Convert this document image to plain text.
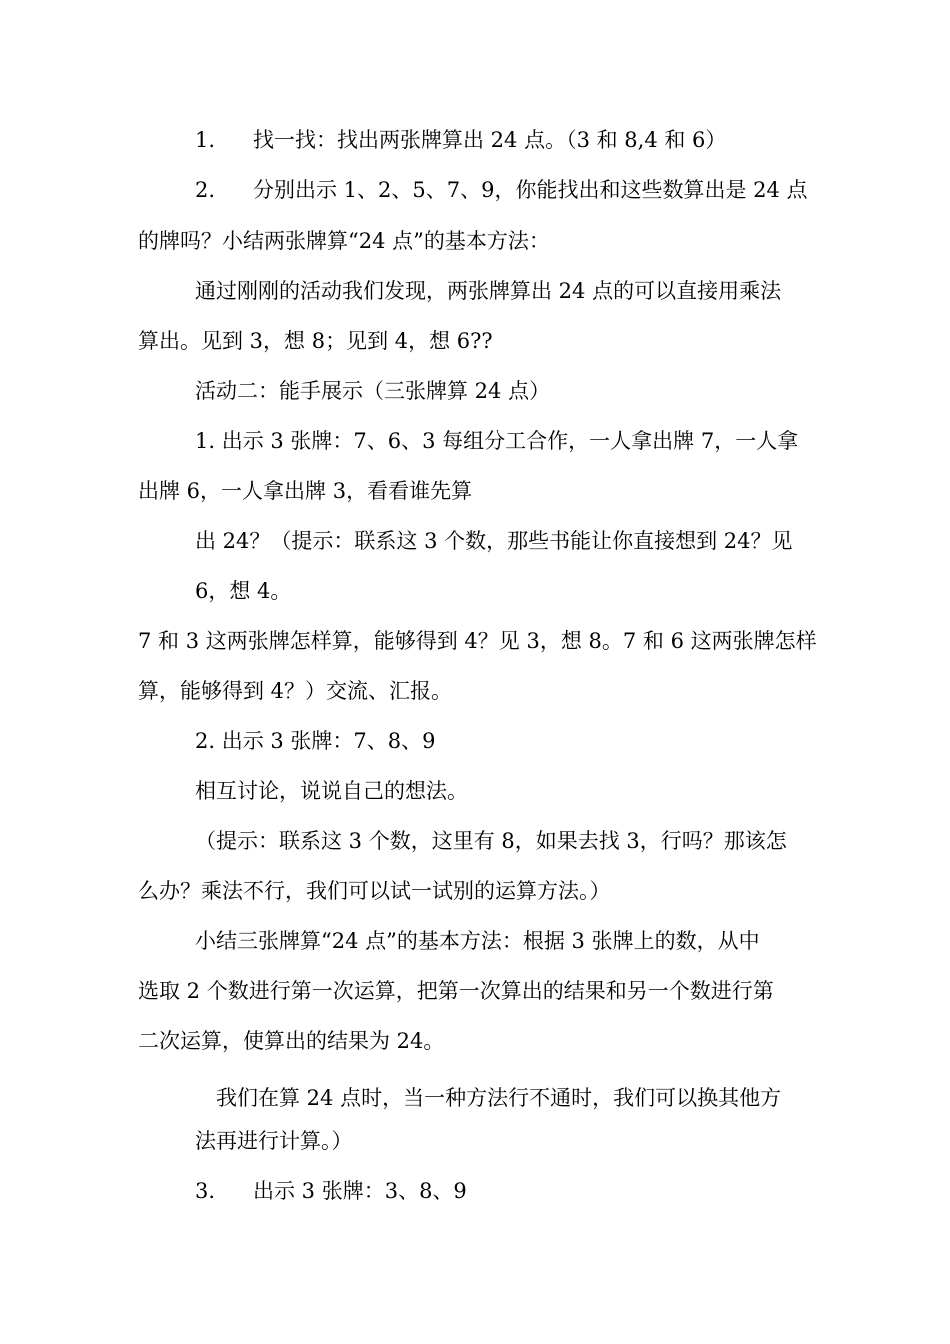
1. 找一找：找出两张牌算出 24 点。（3 和 8,4 和 6）
2. 分别出示 1、2、5、7、9，你能找出和这些数算出是 24 点
的牌吗？小结两张牌算“24 点”的基本方法：
通过刚刚的活动我们发现，两张牌算出 24 点的可以直接用乘法
算出。见到 3，想 8；见到 4，想 6??
活动二：能手展示（三张牌算 24 点）
1. 出示 3 张牌：7、6、3 每组分工合作，一人拿出牌 7，一人拿
出牌 6，一人拿出牌 3，看看谁先算
出 24？（提示：联系这 3 个数，那些书能让你直接想到 24？见
6，想 4。
7 和 3 这两张牌怎样算，能够得到 4？见 3，想 8。7 和 6 这两张牌怎样
算，能够得到 4？）交流、汇报。
2. 出示 3 张牌：7、8、9
相互讨论，说说自己的想法。
（提示：联系这 3 个数，这里有 8，如果去找 3，行吗？那该怎
么办？乘法不行，我们可以试一试别的运算方法。）
小结三张牌算“24 点”的基本方法：根据 3 张牌上的数，从中
选取 2 个数进行第一次运算，把第一次算出的结果和另一个数进行第
二次运算，使算出的结果为 24。
我们在算 24 点时，当一种方法行不通时，我们可以换其他方
法再进行计算。）
3. 出示 3 张牌：3、8、9
